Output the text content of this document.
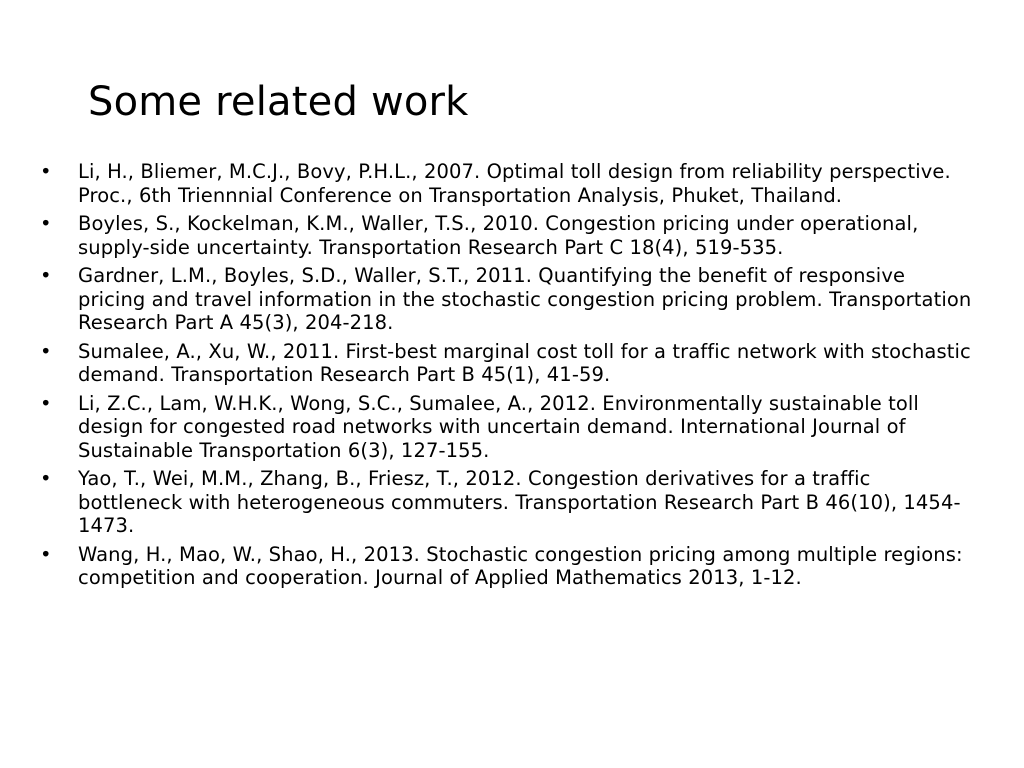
Some related work
•	Li, H., Bliemer, M.C.J., Bovy, P.H.L., 2007. Optimal toll design from reliability perspective. Proc., 6th Triennnial Conference on Transportation Analysis, Phuket, Thailand.
•	Boyles, S., Kockelman, K.M., Waller, T.S., 2010. Congestion pricing under operational, supply-side uncertainty. Transportation Research Part C 18(4), 519-535.
•	Gardner, L.M., Boyles, S.D., Waller, S.T., 2011. Quantifying the benefit of responsive pricing and travel information in the stochastic congestion pricing problem. Transportation Research Part A 45(3), 204-218.
•	Sumalee, A., Xu, W., 2011. First-best marginal cost toll for a traffic network with stochastic demand. Transportation Research Part B 45(1), 41-59.
•	Li, Z.C., Lam, W.H.K., Wong, S.C., Sumalee, A., 2012. Environmentally sustainable toll design for congested road networks with uncertain demand. International Journal of Sustainable Transportation 6(3), 127-155.
•	Yao, T., Wei, M.M., Zhang, B., Friesz, T., 2012. Congestion derivatives for a traffic bottleneck with heterogeneous commuters. Transportation Research Part B 46(10), 1454-1473.
•	Wang, H., Mao, W., Shao, H., 2013. Stochastic congestion pricing among multiple regions: competition and cooperation. Journal of Applied Mathematics 2013, 1-12.
